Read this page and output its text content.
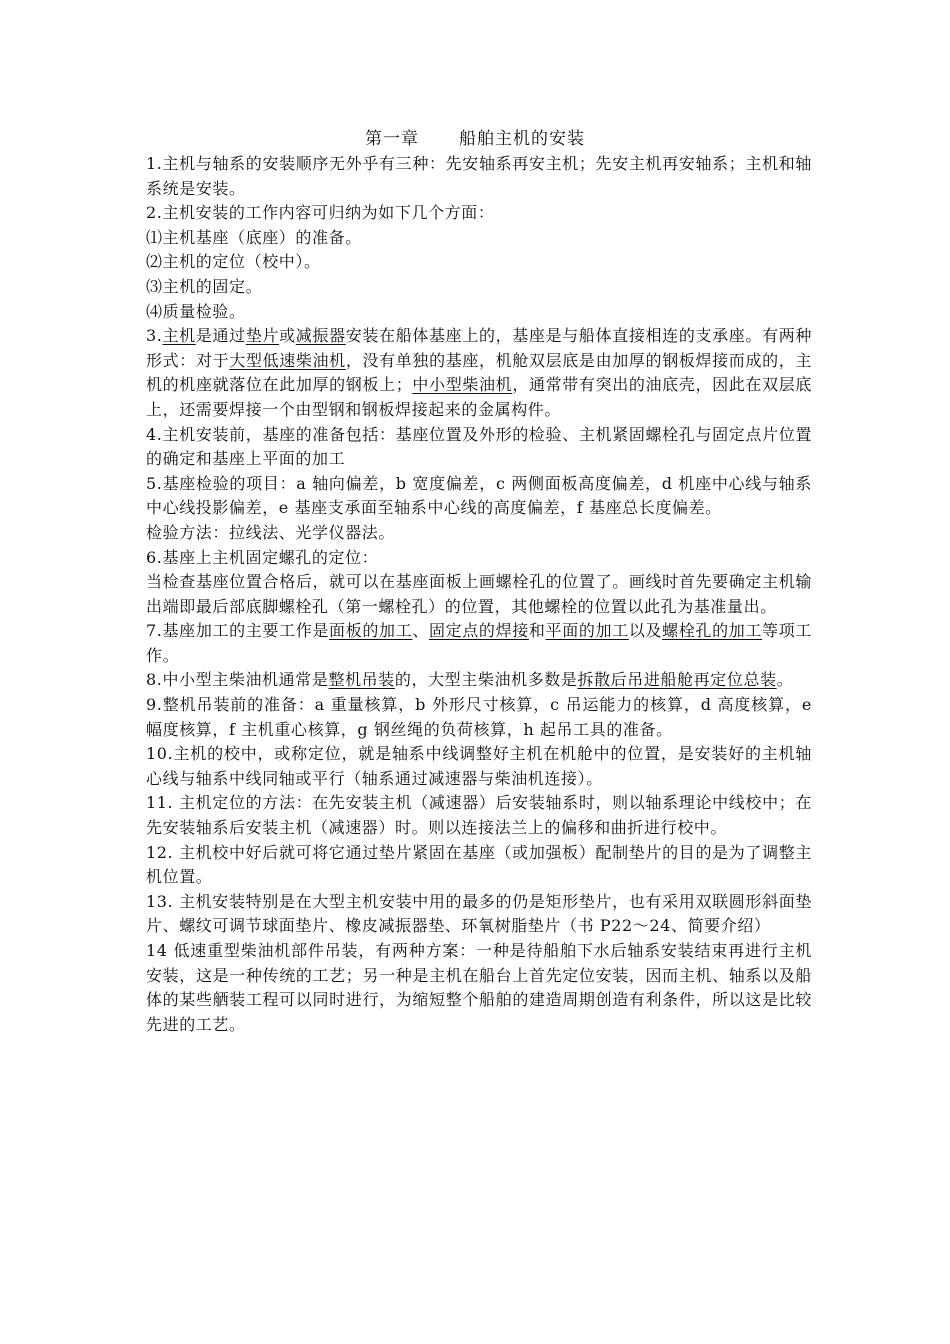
第一章 船舶主机的安装
1.主机与轴系的安装顺序无外乎有三种：先安轴系再安主机；先安主机再安轴系；主机和轴系统是安装。
2.主机安装的工作内容可归纳为如下几个方面：
⑴主机基座（底座）的准备。
⑵主机的定位（校中）。
⑶主机的固定。
⑷质量检验。
3.主机是通过垫片或减振器安装在船体基座上的，基座是与船体直接相连的支承座。有两种形式：对于大型低速柴油机，没有单独的基座，机舱双层底是由加厚的钢板焊接而成的，主机的机座就落位在此加厚的钢板上；中小型柴油机，通常带有突出的油底壳，因此在双层底上，还需要焊接一个由型钢和钢板焊接起来的金属构件。
4.主机安装前，基座的准备包括：基座位置及外形的检验、主机紧固螺栓孔与固定点片位置的确定和基座上平面的加工
5.基座检验的项目：a 轴向偏差，b 宽度偏差，c 两侧面板高度偏差，d 机座中心线与轴系中心线投影偏差，e 基座支承面至轴系中心线的高度偏差，f 基座总长度偏差。
检验方法：拉线法、光学仪器法。
6.基座上主机固定螺孔的定位：
当检查基座位置合格后，就可以在基座面板上画螺栓孔的位置了。画线时首先要确定主机输出端即最后部底脚螺栓孔（第一螺栓孔）的位置，其他螺栓的位置以此孔为基准量出。
7.基座加工的主要工作是面板的加工、固定点的焊接和平面的加工以及螺栓孔的加工等项工作。
8.中小型主柴油机通常是整机吊装的，大型主柴油机多数是拆散后吊进船舱再定位总装。
9.整机吊装前的准备：a 重量核算，b 外形尺寸核算，c 吊运能力的核算，d 高度核算，e 幅度核算，f 主机重心核算，g 钢丝绳的负荷核算，h 起吊工具的准备。
10.主机的校中，或称定位，就是轴系中线调整好主机在机舱中的位置，是安装好的主机轴心线与轴系中线同轴或平行（轴系通过减速器与柴油机连接）。
11. 主机定位的方法：在先安装主机（减速器）后安装轴系时，则以轴系理论中线校中；在先安装轴系后安装主机（减速器）时。则以连接法兰上的偏移和曲折进行校中。
12. 主机校中好后就可将它通过垫片紧固在基座（或加强板）配制垫片的目的是为了调整主机位置。
13. 主机安装特别是在大型主机安装中用的最多的仍是矩形垫片，也有采用双联圆形斜面垫片、螺纹可调节球面垫片、橡皮减振器垫、环氧树脂垫片（书 P22～24、简要介绍）
14 低速重型柴油机部件吊装，有两种方案：一种是待船舶下水后轴系安装结束再进行主机安装，这是一种传统的工艺；另一种是主机在船台上首先定位安装，因而主机、轴系以及船体的某些舾装工程可以同时进行，为缩短整个船舶的建造周期创造有利条件，所以这是比较先进的工艺。
